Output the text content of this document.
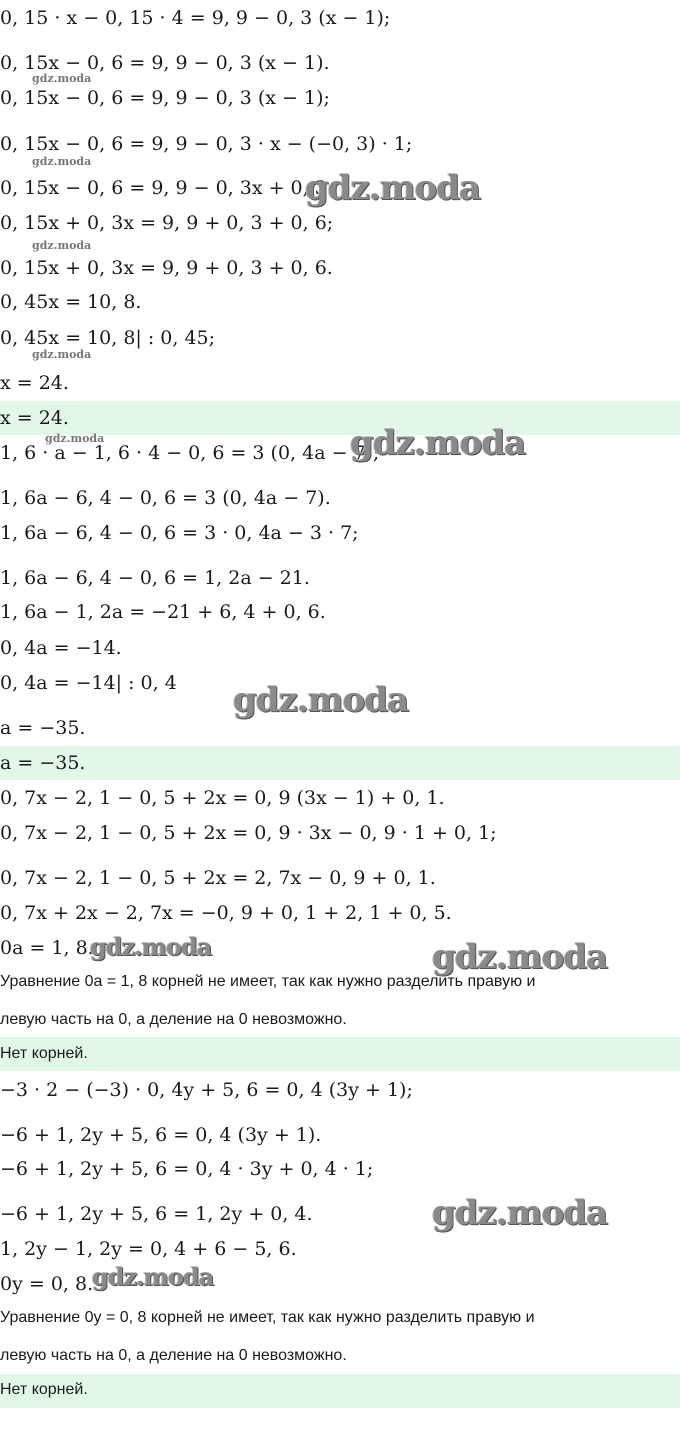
0, 15 · x − 0, 15 · 4 = 9, 9 − 0, 3 (x − 1);
0, 15x − 0, 6 = 9, 9 − 0, 3 (x − 1).
0, 15x − 0, 6 = 9, 9 − 0, 3 (x − 1);
0, 15x − 0, 6 = 9, 9 − 0, 3 · x − (−0, 3) · 1;
0, 15x − 0, 6 = 9, 9 − 0, 3x + 0, 3.
0, 15x + 0, 3x = 9, 9 + 0, 3 + 0, 6;
0, 15x + 0, 3x = 9, 9 + 0, 3 + 0, 6.
0, 45x = 10, 8.
0, 45x = 10, 8| : 0, 45;
x = 24.
x = 24.
1, 6 · a − 1, 6 · 4 − 0, 6 = 3 (0, 4a − 7);
1, 6a − 6, 4 − 0, 6 = 3 (0, 4a − 7).
1, 6a − 6, 4 − 0, 6 = 3 · 0, 4a − 3 · 7;
1, 6a − 6, 4 − 0, 6 = 1, 2a − 21.
1, 6a − 1, 2a = −21 + 6, 4 + 0, 6.
0, 4a = −14.
0, 4a = −14| : 0, 4
a = −35.
a = −35.
0, 7x − 2, 1 − 0, 5 + 2x = 0, 9 (3x − 1) + 0, 1.
0, 7x − 2, 1 − 0, 5 + 2x = 0, 9 · 3x − 0, 9 · 1 + 0, 1;
0, 7x − 2, 1 − 0, 5 + 2x = 2, 7x − 0, 9 + 0, 1.
0, 7x + 2x − 2, 7x = −0, 9 + 0, 1 + 2, 1 + 0, 5.
0a = 1, 8.
Уравнение 0a = 1, 8 корней не имеет, так как нужно разделить правую и
левую часть на 0, а деление на 0 невозможно.
Нет корней.
−3 · 2 − (−3) · 0, 4y + 5, 6 = 0, 4 (3y + 1);
−6 + 1, 2y + 5, 6 = 0, 4 (3y + 1).
−6 + 1, 2y + 5, 6 = 0, 4 · 3y + 0, 4 · 1;
−6 + 1, 2y + 5, 6 = 1, 2y + 0, 4.
1, 2y − 1, 2y = 0, 4 + 6 − 5, 6.
0y = 0, 8.
Уравнение 0y = 0, 8 корней не имеет, так как нужно разделить правую и
левую часть на 0, а деление на 0 невозможно.
Нет корней.
gdz.moda
gdz.moda
gdz.moda
gdz.moda
gdz.moda
gdz.moda
gdz.moda
gdz.moda
gdz.moda	gdz.moda
gdz.moda
gdz.moda
